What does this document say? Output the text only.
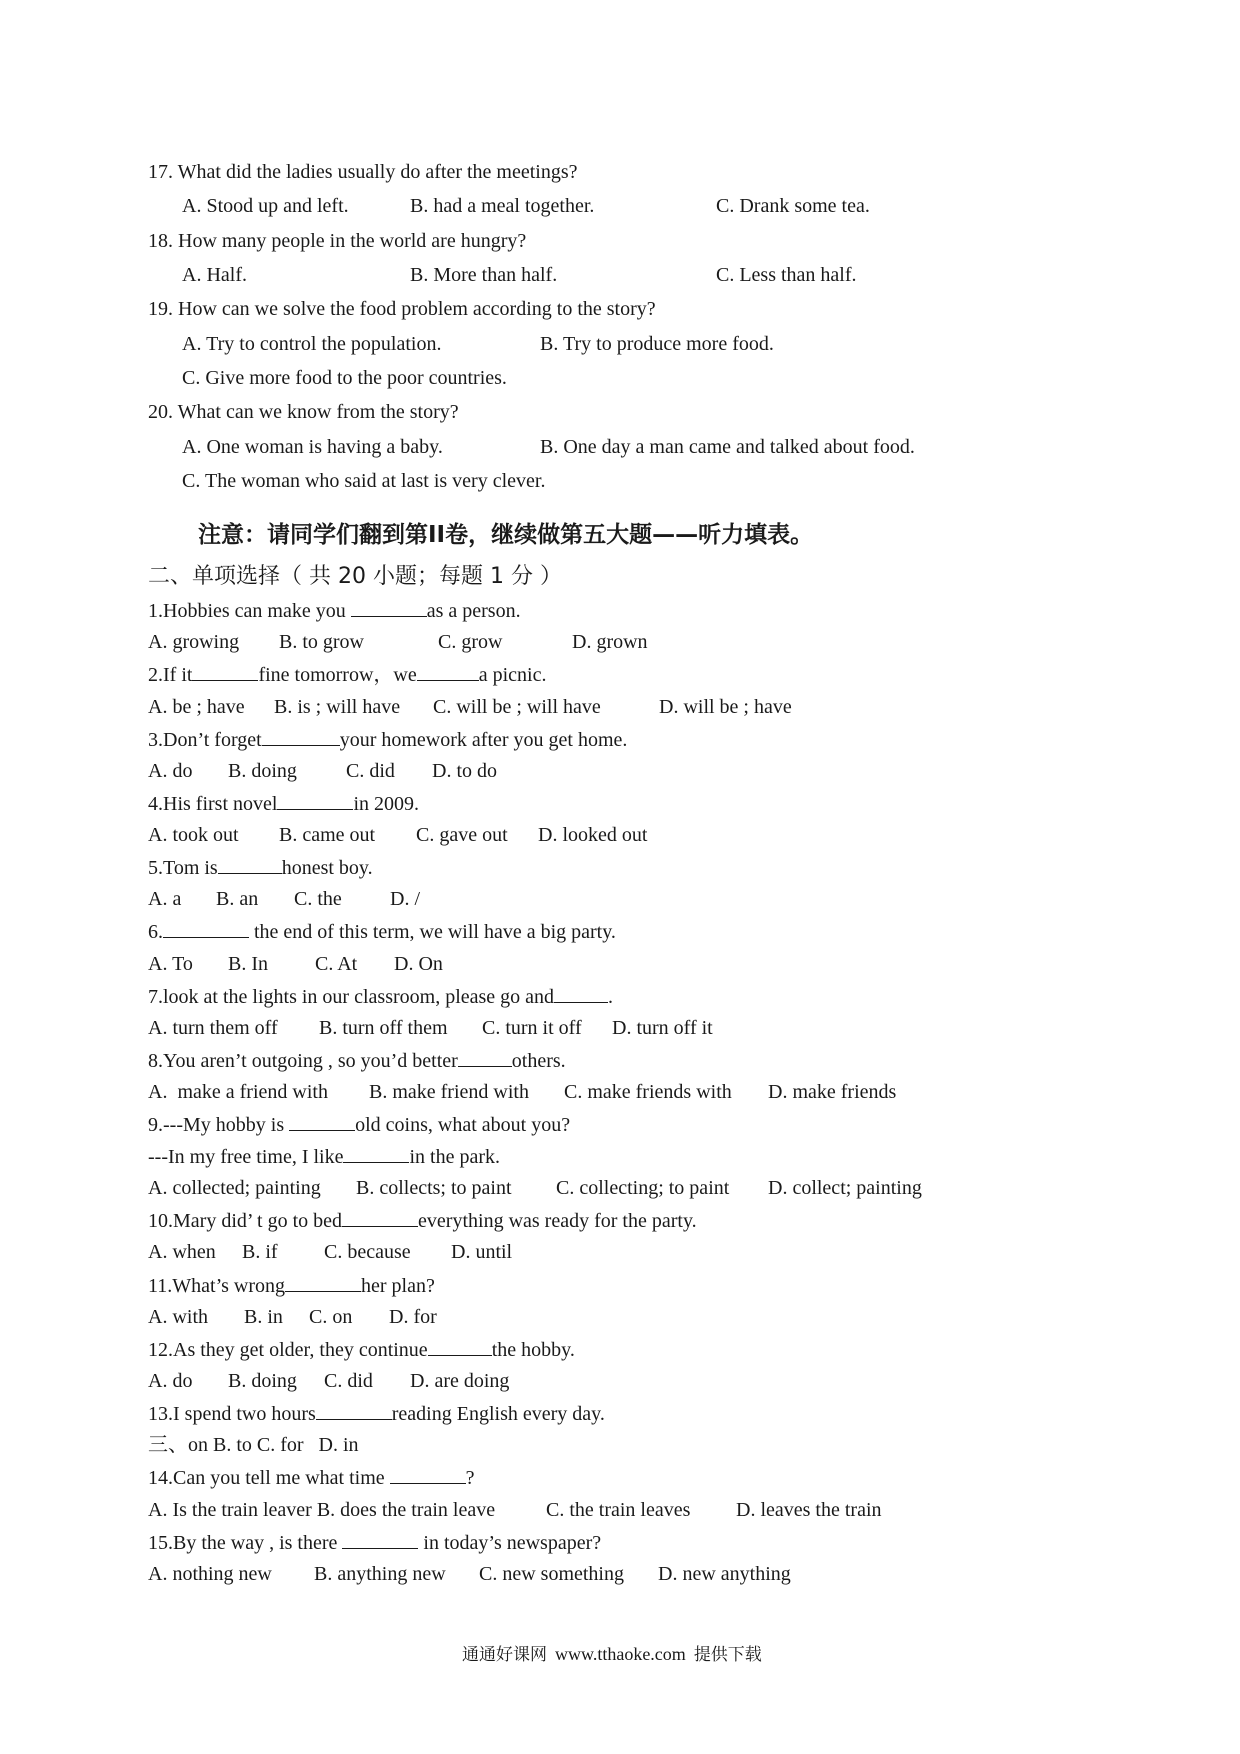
17. What did the ladies usually do after the meetings?
A. Stood up and left.	B. had a meal together.	C. Drank some tea.
18. How many people in the world are hungry?
A. Half.	B. More than half.	C. Less than half.
19. How can we solve the food problem according to the story?
A. Try to control the population.	B. Try to produce more food.
C. Give more food to the poor countries.
20. What can we know from the story?
A. One woman is having a baby.	B. One day a man came and talked about food.
C. The woman who said at last is very clever.
注意：请同学们翻到第II卷，继续做第五大题——听力填表。
二、单项选择（ 共 20 小题；每题 1 分 ）
1.Hobbies can make you	as a person.
A. growing B. to grow	C. grow	D. grown
2.If it	fine tomorrow，we	a picnic.
A. be ; have B. is ; will have C. will be ; will have	D. will be ; have
3.Don’t forget	your homework after you get home.
A. do B. doing C. did D. to do
4.His first novel	in 2009.
A. took out B. came out C. gave out D. looked out
5.Tom is	honest boy.
A. a B. an C. the D. /
6.	the end of this term, we will have a big party.
A. To B. In C. At D. On
7.look at the lights in our classroom, please go and	.
A. turn them off B. turn off them C. turn it off D. turn off it
8.You aren’t outgoing , so you’d better	others.
A.  make a friend with B. make friend with C. make friends with D. make friends
9.---My hobby is	old coins, what about you?
---In my free time, I like	in the park.
A. collected; painting B. collects; to paint C. collecting; to paint D. collect; painting
10.Mary did’ t go to bed	everything was ready for the party.
A. when B. if C. because D. until
11.What’s wrong	her plan?
A. with B. in C. on D. for
12.As they get older, they continue	the hobby.
A. do B. doing C. did D. are doing
13.I spend two hours	reading English every day.
三、on B. to C. for   D. in
14.Can you tell me what time	?
A. Is the train leaver B. does the train leave	C. the train leaves D. leaves the train
15.By the way , is there	in today’s newspaper?
A. nothing new B. anything new C. new something D. new anything
通通好课网 www.tthaoke.com 提供下载
